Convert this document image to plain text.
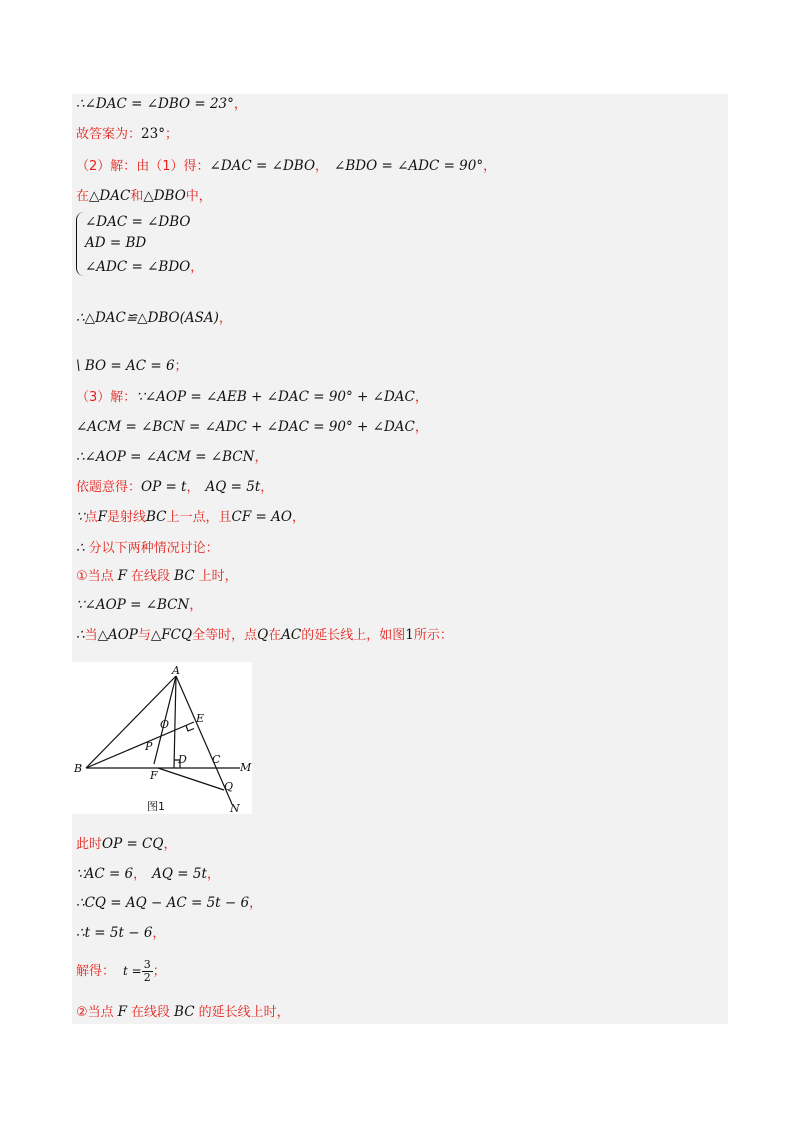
∴∠DAC = ∠DBO = 23°，
故答案为：23°；
（2）解：由（1）得：∠DAC = ∠DBO， ∠BDO = ∠ADC = 90°，
在△DAC和△DBO中，
∠DAC = ∠DBO
AD = BD
∠ADC = ∠BDO，
∴△DAC≌△DBO(ASA)，
\ BO = AC = 6；
（3）解：∵∠AOP = ∠AEB + ∠DAC = 90° + ∠DAC，
∠ACM = ∠BCN = ∠ADC + ∠DAC = 90° + ∠DAC，
∴∠AOP = ∠ACM = ∠BCN，
依题意得：OP = t， AQ = 5t，
∵点F是射线BC上一点，且CF = AO，
∴ 分以下两种情况讨论：
①当点 F 在线段 BC 上时，
∵∠AOP = ∠BCN，
∴当△AOP与△FCQ全等时，点Q在AC的延长线上，如图1所示：
A
B
O E
P
D C
M
F
Q
N
图1
此时OP = CQ，
∵AC = 6， AQ = 5t，
∴CQ = AQ − AC = 5t − 6，
∴t = 5t − 6，
解得： $t = \frac{3}{2}$ ；
②当点 F 在线段 BC 的延长线上时，
